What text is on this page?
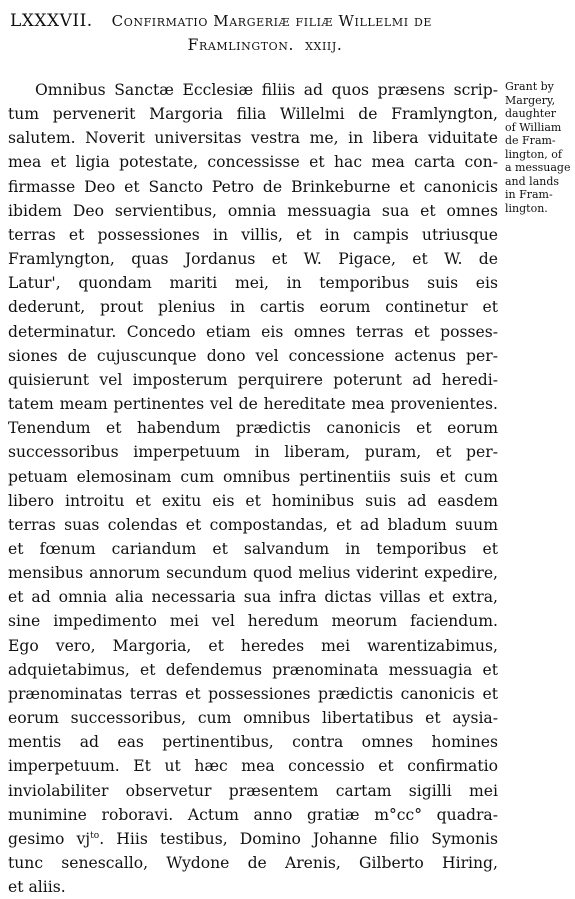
LXXXVII. Confirmatio Margeriæ filiæ Willelmi de
Framlington. xxiij.
Omnibus Sanctæ Ecclesiæ filiis ad quos præsens scrip-
tum pervenerit Margoria filia Willelmi de Framlyngton,
salutem. Noverit universitas vestra me, in libera viduitate
mea et ligia potestate, concessisse et hac mea carta con-
firmasse Deo et Sancto Petro de Brinkeburne et canonicis
ibidem Deo servientibus, omnia messuagia sua et omnes
terras et possessiones in villis, et in campis utriusque
Framlyngton, quas Jordanus et W. Pigace, et W. de
Latur', quondam mariti mei, in temporibus suis eis
dederunt, prout plenius in cartis eorum continetur et
determinatur. Concedo etiam eis omnes terras et posses-
siones de cujuscunque dono vel concessione actenus per-
quisierunt vel imposterum perquirere poterunt ad heredi-
tatem meam pertinentes vel de hereditate mea provenientes.
Tenendum et habendum prædictis canonicis et eorum
successoribus imperpetuum in liberam, puram, et per-
petuam elemosinam cum omnibus pertinentiis suis et cum
libero introitu et exitu eis et hominibus suis ad easdem
terras suas colendas et compostandas, et ad bladum suum
et fœnum cariandum et salvandum in temporibus et
mensibus annorum secundum quod melius viderint expedire,
et ad omnia alia necessaria sua infra dictas villas et extra,
sine impedimento mei vel heredum meorum faciendum.
Ego vero, Margoria, et heredes mei warentizabimus,
adquietabimus, et defendemus prænominata messuagia et
prænominatas terras et possessiones prædictis canonicis et
eorum successoribus, cum omnibus libertatibus et aysia-
mentis ad eas pertinentibus, contra omnes homines
imperpetuum. Et ut hæc mea concessio et confirmatio
inviolabiliter observetur præsentem cartam sigilli mei
munimine roboravi. Actum anno gratiæ m°cc° quadra-
gesimo $vj^{to}$. Hiis testibus, Domino Johanne filio Symonis
tunc senescallo, Wydone de Arenis, Gilberto Hiring,
et aliis.
Grant by
Margery,
daughter
of William
de Fram-
lington, of
a messuage
and lands
in Fram-
lington.
